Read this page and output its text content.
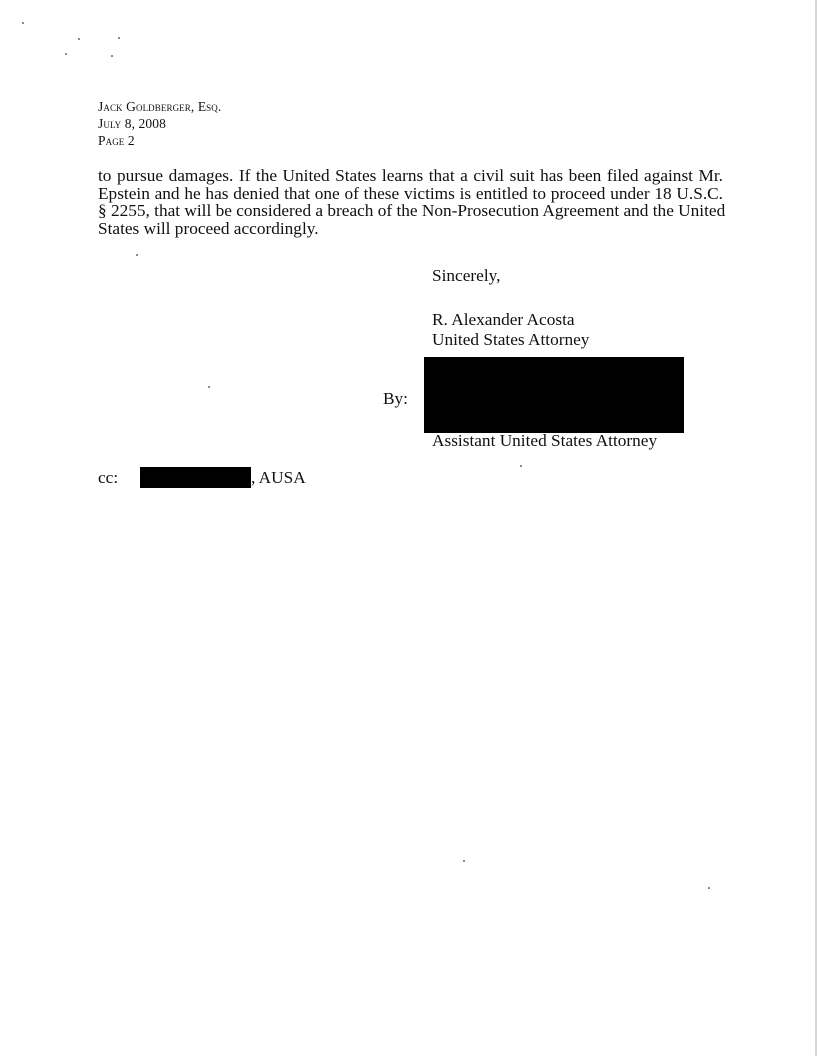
Jack Goldberger, Esq.
July 8, 2008
Page 2
to pursue damages. If the United States learns that a civil suit has been filed against Mr.
Epstein and he has denied that one of these victims is entitled to proceed under 18 U.S.C.
§ 2255, that will be considered a breach of the Non-Prosecution Agreement and the United
States will proceed accordingly.
Sincerely,
R. Alexander Acosta
United States Attorney
By:
Assistant United States Attorney
cc:	, AUSA
